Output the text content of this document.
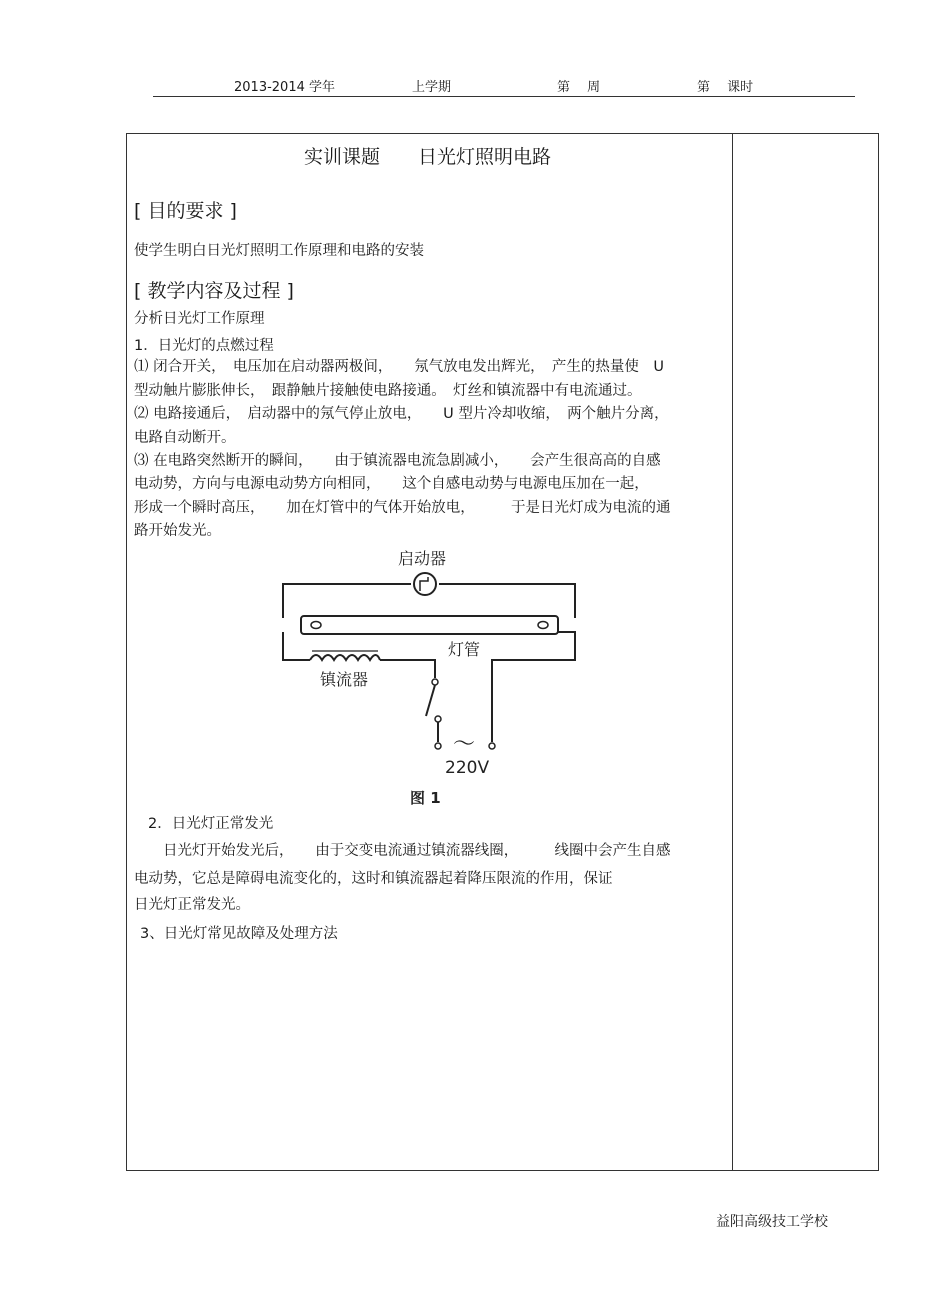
2013-2014 学年	上学期	第　 周	第　 课时
实训课题　　日光灯照明电路
[ 目的要求 ]
使学生明白日光灯照明工作原理和电路的安装
[ 教学内容及过程 ]
分析日光灯工作原理
1．日光灯的点燃过程
⑴ 闭合开关，　电压加在启动器两极间，　　氖气放电发出辉光，　产生的热量使　U
型动触片膨胀伸长，　跟静触片接触使电路接通。　灯丝和镇流器中有电流通过。
⑵ 电路接通后，　启动器中的氖气停止放电，　　U 型片冷却收缩，　两个触片分离，
电路自动断开。
⑶ 在电路突然断开的瞬间，　　由于镇流器电流急剧减小，　　会产生很高高的自感
电动势，方向与电源电动势方向相同，　　这个自感电动势与电源电压加在一起，
形成一个瞬时高压，　　加在灯管中的气体开始放电，　　　于是日光灯成为电流的通
路开始发光。
2．日光灯正常发光
　　日光灯开始发光后，　　由于交变电流通过镇流器线圈，　　　线圈中会产生自感
电动势，它总是障碍电流变化的，这时和镇流器起着降压限流的作用，保证
日光灯正常发光。
3、日光灯常见故障及处理方法
启动器
灯管
镇流器
〜
220V
图 1
益阳高级技工学校
